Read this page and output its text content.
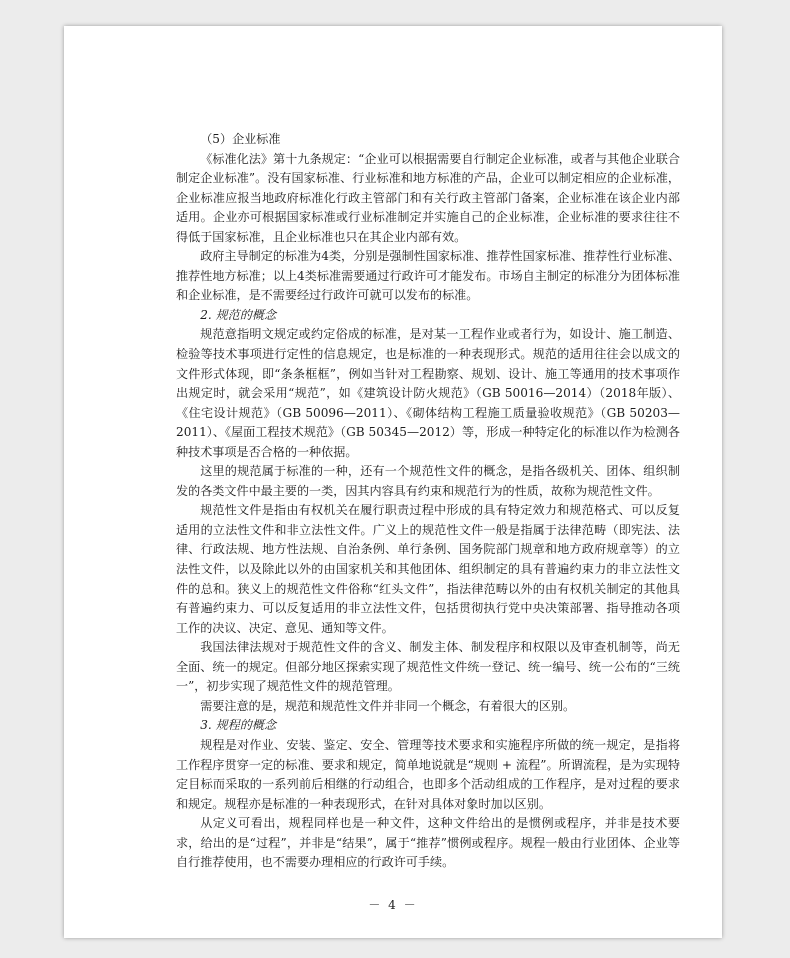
（5）企业标准

《标准化法》第十九条规定：“企业可以根据需要自行制定企业标准，或者与其他企业联合制定企业标准”。没有国家标准、行业标准和地方标准的产品，企业可以制定相应的企业标准，企业标准应报当地政府标准化行政主管部门和有关行政主管部门备案，企业标准在该企业内部适用。企业亦可根据国家标准或行业标准制定并实施自己的企业标准，企业标准的要求往往不得低于国家标准，且企业标准也只在其企业内部有效。

政府主导制定的标准为4类，分别是强制性国家标准、推荐性国家标准、推荐性行业标准、推荐性地方标准；以上4类标准需要通过行政许可才能发布。市场自主制定的标准分为团体标准和企业标准，是不需要经过行政许可就可以发布的标准。

2. 规范的概念

规范意指明文规定或约定俗成的标准，是对某一工程作业或者行为，如设计、施工制造、检验等技术事项进行定性的信息规定，也是标准的一种表现形式。规范的适用往往会以成文的文件形式体现，即“条条框框”，例如当针对工程勘察、规划、设计、施工等通用的技术事项作出规定时，就会采用“规范”，如《建筑设计防火规范》（GB 50016—2014）（2018年版）、《住宅设计规范》（GB 50096—2011）、《砌体结构工程施工质量验收规范》（GB 50203—2011）、《屋面工程技术规范》（GB 50345—2012）等，形成一种特定化的标准以作为检测各种技术事项是否合格的一种依据。

这里的规范属于标准的一种，还有一个规范性文件的概念，是指各级机关、团体、组织制发的各类文件中最主要的一类，因其内容具有约束和规范行为的性质，故称为规范性文件。

规范性文件是指由有权机关在履行职责过程中形成的具有特定效力和规范格式、可以反复适用的立法性文件和非立法性文件。广义上的规范性文件一般是指属于法律范畴（即宪法、法律、行政法规、地方性法规、自治条例、单行条例、国务院部门规章和地方政府规章等）的立法性文件，以及除此以外的由国家机关和其他团体、组织制定的具有普遍约束力的非立法性文件的总和。狭义上的规范性文件俗称“红头文件”，指法律范畴以外的由有权机关制定的其他具有普遍约束力、可以反复适用的非立法性文件，包括贯彻执行党中央决策部署、指导推动各项工作的决议、决定、意见、通知等文件。

我国法律法规对于规范性文件的含义、制发主体、制发程序和权限以及审查机制等，尚无全面、统一的规定。但部分地区探索实现了规范性文件统一登记、统一编号、统一公布的“三统一”，初步实现了规范性文件的规范管理。

需要注意的是，规范和规范性文件并非同一个概念，有着很大的区别。

3. 规程的概念

规程是对作业、安装、鉴定、安全、管理等技术要求和实施程序所做的统一规定，是指将工作程序贯穿一定的标准、要求和规定，简单地说就是“规则 + 流程”。所谓流程，是为实现特定目标而采取的一系列前后相继的行动组合，也即多个活动组成的工作程序，是对过程的要求和规定。规程亦是标准的一种表现形式，在针对具体对象时加以区别。

从定义可看出，规程同样也是一种文件，这种文件给出的是惯例或程序，并非是技术要求，给出的是“过程”，并非是“结果”，属于“推荐”惯例或程序。规程一般由行业团体、企业等自行推荐使用，也不需要办理相应的行政许可手续。

－ 4 －
